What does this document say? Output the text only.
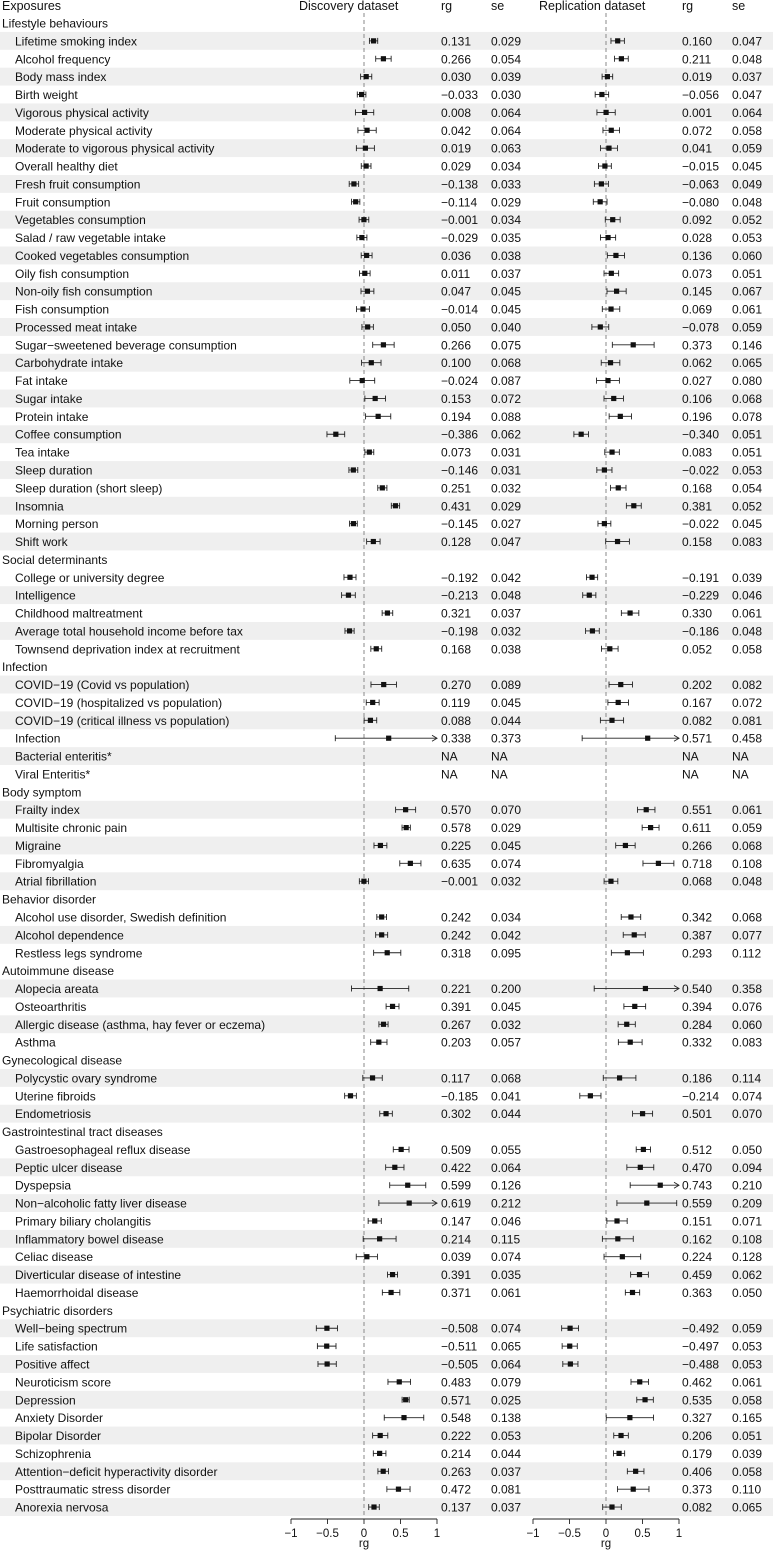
Exposures	Discovery dataset	rg	se	Replication dataset	rg	se
Lifestyle behaviours
Lifetime smoking index	0.131 0.029	0.160 0.047
Alcohol frequency	0.266 0.054	0.211 0.048
Body mass index	0.030 0.039	0.019 0.037
Birth weight	−0.033 0.030	−0.056 0.047
Vigorous physical activity	0.008 0.064	0.001 0.064
Moderate physical activity	0.042 0.064	0.072 0.058
Moderate to vigorous physical activity	0.019 0.063	0.041 0.059
Overall healthy diet	0.029 0.034	−0.015 0.045
Fresh fruit consumption	−0.138 0.033	−0.063 0.049
Fruit consumption	−0.114 0.029	−0.080 0.048
Vegetables consumption	−0.001 0.034	0.092 0.052
Salad / raw vegetable intake	−0.029 0.035	0.028 0.053
Cooked vegetables consumption	0.036 0.038	0.136 0.060
Oily fish consumption	0.011 0.037	0.073 0.051
Non-oily fish consumption	0.047 0.045	0.145 0.067
Fish consumption	−0.014 0.045	0.069 0.061
Processed meat intake	0.050 0.040	−0.078 0.059
Sugar−sweetened beverage consumption	0.266 0.075	0.373 0.146
Carbohydrate intake	0.100 0.068	0.062 0.065
Fat intake	−0.024 0.087	0.027 0.080
Sugar intake	0.153 0.072	0.106 0.068
Protein intake	0.194 0.088	0.196 0.078
Coffee consumption	−0.386 0.062	−0.340 0.051
Tea intake	0.073 0.031	0.083 0.051
Sleep duration	−0.146 0.031	−0.022 0.053
Sleep duration (short sleep)	0.251 0.032	0.168 0.054
Insomnia	0.431 0.029	0.381 0.052
Morning person	−0.145 0.027	−0.022 0.045
Shift work	0.128 0.047	0.158 0.083
Social determinants
College or university degree	−0.192 0.042	−0.191 0.039
Intelligence	−0.213 0.048	−0.229 0.046
Childhood maltreatment	0.321 0.037	0.330 0.061
Average total household income before tax	−0.198 0.032	−0.186 0.048
Townsend deprivation index at recruitment	0.168 0.038	0.052 0.058
Infection
COVID−19 (Covid vs population)	0.270 0.089	0.202 0.082
COVID−19 (hospitalized vs population)	0.119 0.045	0.167 0.072
COVID−19 (critical illness vs population)	0.088 0.044	0.082 0.081
Infection	0.338 0.373	0.571 0.458
Bacterial enteritis*	NA	NA	NA	NA
Viral Enteritis*	NA	NA	NA	NA
Body symptom
Frailty index	0.570 0.070	0.551 0.061
Multisite chronic pain	0.578 0.029	0.611 0.059
Migraine	0.225 0.045	0.266 0.068
Fibromyalgia	0.635 0.074	0.718 0.108
Atrial fibrillation	−0.001 0.032	0.068 0.048
Behavior disorder
Alcohol use disorder, Swedish definition	0.242 0.034	0.342 0.068
Alcohol dependence	0.242 0.042	0.387 0.077
Restless legs syndrome	0.318 0.095	0.293 0.112
Autoimmune disease
Alopecia areata	0.221 0.200	0.540 0.358
Osteoarthritis	0.391 0.045	0.394 0.076
Allergic disease (asthma, hay fever or eczema)	0.267 0.032	0.284 0.060
Asthma	0.203 0.057	0.332 0.083
Gynecological disease
Polycystic ovary syndrome	0.117 0.068	0.186 0.114
Uterine fibroids	−0.185 0.041	−0.214 0.074
Endometriosis	0.302 0.044	0.501 0.070
Gastrointestinal tract diseases
Gastroesophageal reflux disease	0.509 0.055	0.512 0.050
Peptic ulcer disease	0.422 0.064	0.470 0.094
Dyspepsia	0.599 0.126	0.743 0.210
Non−alcoholic fatty liver disease	0.619 0.212	0.559 0.209
Primary biliary cholangitis	0.147 0.046	0.151 0.071
Inflammatory bowel disease	0.214 0.115	0.162 0.108
Celiac disease	0.039 0.074	0.224 0.128
Diverticular disease of intestine	0.391 0.035	0.459 0.062
Haemorrhoidal disease	0.371 0.061	0.363 0.050
Psychiatric disorders
Well−being spectrum	−0.508 0.074	−0.492 0.059
Life satisfaction	−0.511 0.065	−0.497 0.053
Positive affect	−0.505 0.064	−0.488 0.053
Neuroticism score	0.483 0.079	0.462 0.061
Depression	0.571 0.025	0.535 0.058
Anxiety Disorder	0.548 0.138	0.327 0.165
Bipolar Disorder	0.222 0.053	0.206 0.051
Schizophrenia	0.214 0.044	0.179 0.039
Attention−deficit hyperactivity disorder	0.263 0.037	0.406 0.058
Posttraumatic stress disorder	0.472 0.081	0.373 0.110
Anorexia nervosa	0.137 0.037	0.082 0.065
rg	rg
−1 −0.5 0 0.5 1	−1 −0.5 0 0.5 1
